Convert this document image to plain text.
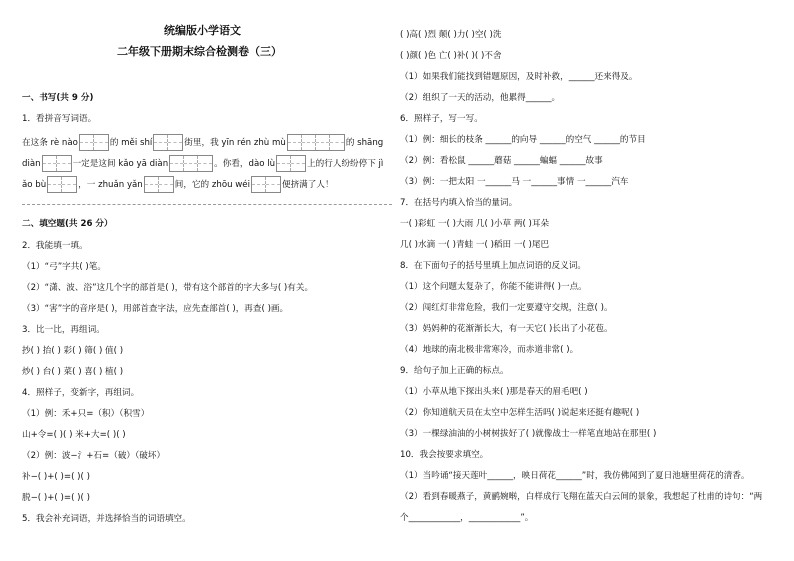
统编版小学语文
二年级下册期末综合检测卷（三）
一、书写(共 9 分)
1．看拼音写词语。
在这条 rè nào	的 měi shí	街里，我 yīn rén zhù mù	的 shāng
diàn	一定是这间 kǎo yā diàn	。你看，dào lù	上的行人纷纷停下 jì
ǎo bù	，一 zhuǎn yǎn	间，它的 zhōu wéi	便挤满了人！
二、填空题(共 26 分）
2．我能填一填。
（1）“弓”字共( )笔。
（2）“潇、波、浴”这几个字的部首是( )，带有这个部首的字大多与( )有关。
（3）“害”字的音序是( )，用部首查字法，应先查部首( )，再查( )画。
3．比一比，再组词。
抄( ) 抬( ) 彩( ) 筛( ) 值( )
炒( ) 台( ) 菜( ) 喜( ) 植( )
4．照样子，变新字，再组词。
（1）例：禾+只=（积）（积雪）
山+令=( )( ) 米+大=( )( )
（2）例：波−氵+石=（破）（破坏）
补−( )+( )=( )( )
脱−( )+( )=( )( )
5．我会补充词语，并选择恰当的词语填空。
( )高( )烈 颠( )力( )空( )洗
( )颜( )色 亡( )补( )( )不舍
（1）如果我们能找到错题原因，及时补救，______还来得及。
（2）组织了一天的活动，他累得______。
6．照样子，写一写。
（1）例：细长的枝条 ______的向导 ______的空气 ______的节目
（2）例：看松鼠 ______蘑菇 ______蝙蝠 ______故事
（3）例：一把太阳 一______马 一______事情 一______汽车
7．在括号内填入恰当的量词。
一( )彩虹 一( )大雨 几( )小草 两( )耳朵
几( )水滴 一( )青蛙 一( )稻田 一( )尾巴
8．在下面句子的括号里填上加点词语的反义词。
（1）这个问题太复杂了，你能不能讲得( )一点。
（2）闯红灯非常危险，我们一定要遵守交规，注意( )。
（3）妈妈种的花渐渐长大，有一天它( )长出了小花苞。
（4）地球的南北极非常寒冷，而赤道非常( )。
9．给句子加上正确的标点。
（1）小草从地下探出头来( )那是春天的眉毛吧( )
（2）你知道航天员在太空中怎样生活吗( )说起来还挺有趣呢( )
（3）一棵绿油油的小树树拔好了( )就像战士一样笔直地站在那里( )
10．我会按要求填空。
（1）当吟诵“接天莲叶______，映日荷花______”时，我仿佛闻到了夏日池塘里荷花的清香。
（2）看到春暖燕子，黄鹂婉啭，白样成行飞翔在蓝天白云间的景象，我想起了杜甫的诗句：“两
个____________，____________”。
